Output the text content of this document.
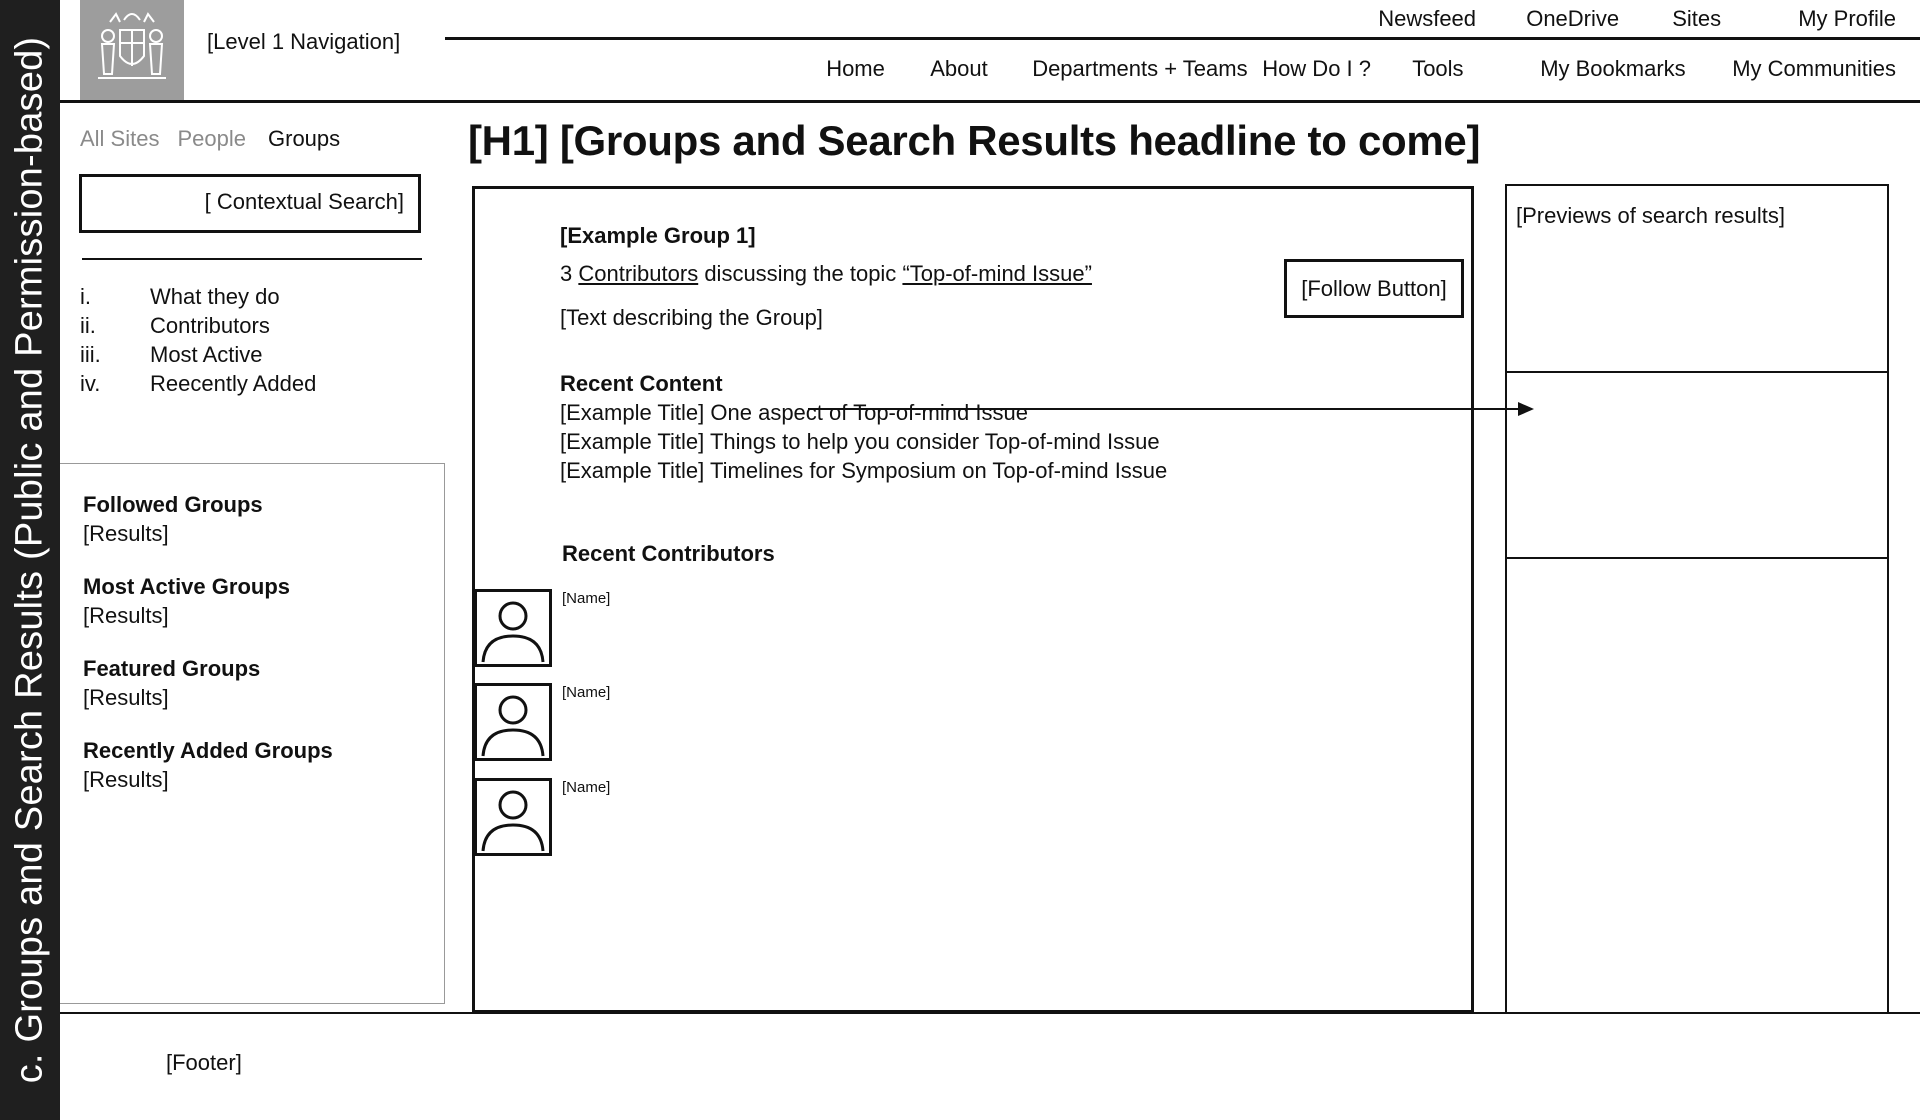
c. Groups and Search Results (Public and Permission-based)	[Level 1 Navigation]
Newsfeed	OneDrive	Sites	My Profile
Home	About	Departments + Teams How Do I ?	Tools	My Bookmarks	My Communities
All Sites People Groups
[ Contextual Search]
i.	What they do
ii.	Contributors
iii.	Most Active
iv.	Reecently Added
Followed Groups
[Results]
Most Active Groups
[Results]
Featured Groups
[Results]
Recently Added Groups
[Results]
[H1] [Groups and Search Results headline to come]
[Example Group 1]
3 Contributors discussing the topic “Top-of-mind Issue”
[Text describing the Group]
[Follow Button]
Recent Content
[Example Title] One aspect of Top-of-mind Issue
[Example Title] Things to help you consider Top-of-mind Issue
[Example Title] Timelines for Symposium on Top-of-mind Issue
Recent Contributors
[Name]
[Name]
[Name]
[Previews of search results]
[Footer]
